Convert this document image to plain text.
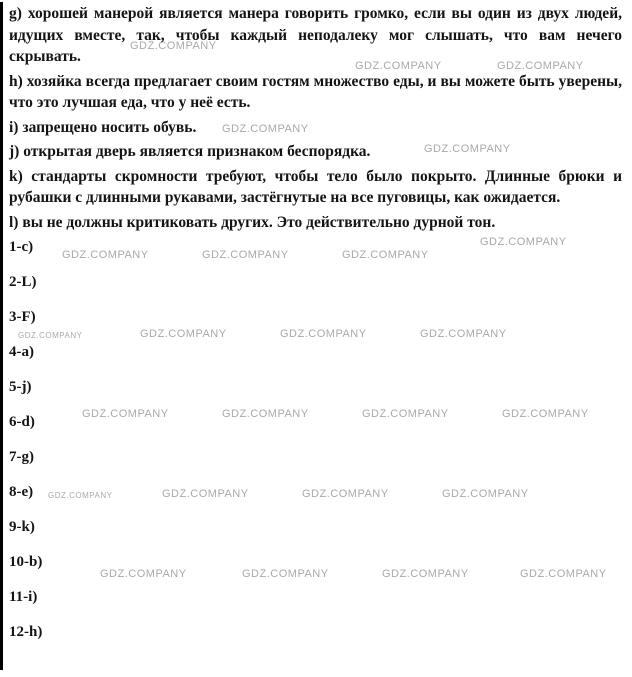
GDZ.COMPANY
GDZ.COMPANY	GDZ.COMPANY
GDZ.COMPANY
GDZ.COMPANY
GDZ.COMPANY
GDZ.COMPANY	GDZ.COMPANY	GDZ.COMPANY
GDZ.COMPANY	GDZ.COMPANY	GDZ.COMPANY	GDZ.COMPANY
GDZ.COMPANY	GDZ.COMPANY	GDZ.COMPANY	GDZ.COMPANY
GDZ.COMPANY	GDZ.COMPANY	GDZ.COMPANY	GDZ.COMPANY
GDZ.COMPANY	GDZ.COMPANY	GDZ.COMPANY	GDZ.COMPANY

g) хорошей манерой является манера говорить громко, если вы один из двух людей, идущих вместе, так, чтобы каждый неподалеку мог слышать, что вам нечего скрывать.

h) хозяйка всегда предлагает своим гостям множество еды, и вы можете быть уверены, что это лучшая еда, что у неё есть.

i) запрещено носить обувь.

j) открытая дверь является признаком беспорядка.

k) стандарты скромности требуют, чтобы тело было покрыто. Длинные брюки и рубашки с длинными рукавами, застёгнутые на все пуговицы, как ожидается.

l) вы не должны критиковать других. Это действительно дурной тон.

1-c)
2-L)
3-F)
4-a)
5-j)
6-d)
7-g)
8-e)
9-k)
10-b)
11-i)
12-h)
